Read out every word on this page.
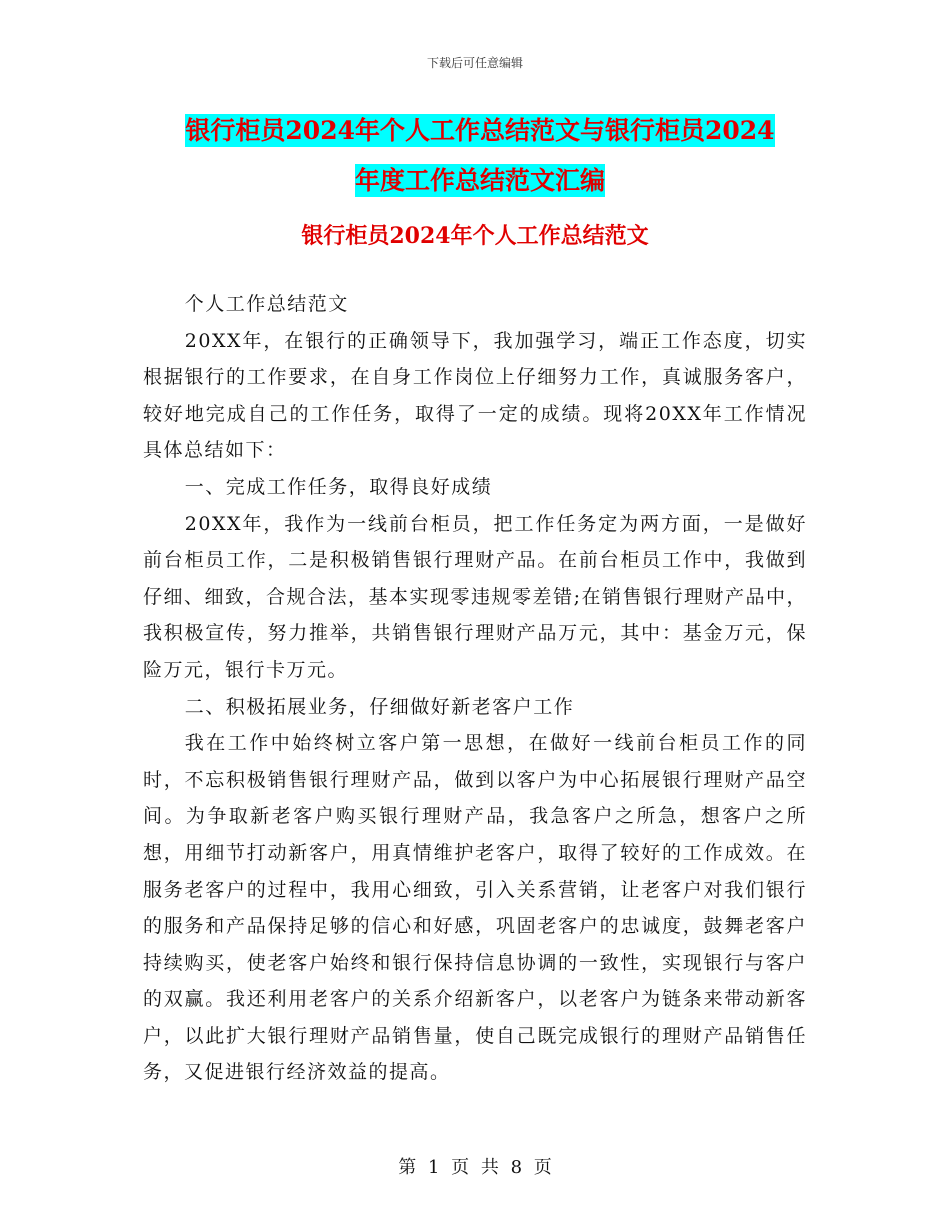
下载后可任意编辑
银行柜员2024年个人工作总结范文与银行柜员2024
年度工作总结范文汇编
银行柜员2024年个人工作总结范文

个人工作总结范文

20XX年，在银行的正确领导下，我加强学习，端正工作态度，切实根据银行的工作要求，在自身工作岗位上仔细努力工作，真诚服务客户，较好地完成自己的工作任务，取得了一定的成绩。现将20XX年工作情况具体总结如下：

一、完成工作任务，取得良好成绩

20XX年，我作为一线前台柜员，把工作任务定为两方面，一是做好前台柜员工作，二是积极销售银行理财产品。在前台柜员工作中，我做到仔细、细致，合规合法，基本实现零违规零差错;在销售银行理财产品中，我积极宣传，努力推举，共销售银行理财产品万元，其中：基金万元，保险万元，银行卡万元。

二、积极拓展业务，仔细做好新老客户工作

我在工作中始终树立客户第一思想，在做好一线前台柜员工作的同时，不忘积极销售银行理财产品，做到以客户为中心拓展银行理财产品空间。为争取新老客户购买银行理财产品，我急客户之所急，想客户之所想，用细节打动新客户，用真情维护老客户，取得了较好的工作成效。在服务老客户的过程中，我用心细致，引入关系营销，让老客户对我们银行的服务和产品保持足够的信心和好感，巩固老客户的忠诚度，鼓舞老客户持续购买，使老客户始终和银行保持信息协调的一致性，实现银行与客户的双赢。我还利用老客户的关系介绍新客户，以老客户为链条来带动新客户，以此扩大银行理财产品销售量，使自己既完成银行的理财产品销售任务，又促进银行经济效益的提高。

第 1 页 共 8 页
